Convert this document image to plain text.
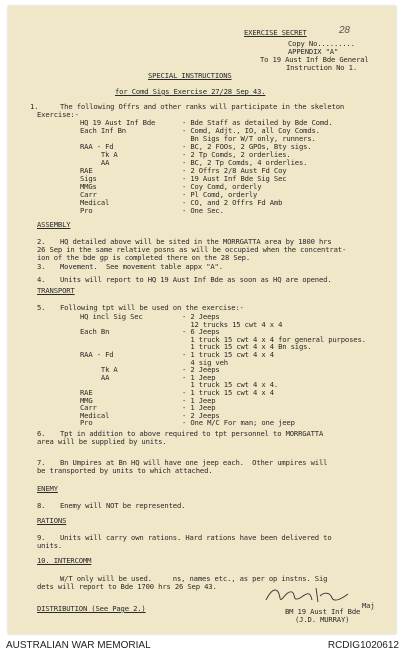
EXERCISE SECRET	28
Copy No.........
APPENDIX "A"
To 19 Aust Inf Bde General
Instruction No 1.
SPECIAL INSTRUCTIONS
for Comd Sigs Exercise 27/28 Sep 43.
1.	The following Offrs and other ranks will participate in the skeleton
Exercise:-
HQ 19 Aust Inf Bde	- Bde Staff as detailed by Bde Comd.
Each Inf Bn	- Comd, Adjt., IO, all Coy Comds.
Bn Sigs for W/T only, runners.
RAA - Fd	- BC, 2 FOOs, 2 GPOs, Bty sigs.
Tk A	- 2 Tp Comds, 2 orderlies.
AA	- BC, 2 Tp Comds, 4 orderlies.
RAE	- 2 Offrs 2/8 Aust Fd Coy
Sigs	- 19 Aust Inf Bde Sig Sec
MMGs	- Coy Comd, orderly
Carr	- Pl Comd, orderly
Medical	- CO, and 2 Offrs Fd Amb
Pro	- One Sec.
ASSEMBLY
2. HQ detailed above will be sited in the MORRGATTA area by 1800 hrs
26 Sep in the same relative posns as will be occupied when the concentrat-
ion of the bde gp is completed there on the 28 Sep.
3. Movement.  See movement table appx "A".
4. Units will report to HQ 19 Aust Inf Bde as soon as HQ are opened.
TRANSPORT
5. Following tpt will be used on the exercise:-
HQ incl Sig Sec	- 2 Jeeps
12 trucks 15 cwt 4 x 4
Each Bn	- 6 Jeeps
1 truck 15 cwt 4 x 4 for general purposes.
1 truck 15 cwt 4 x 4 Bn sigs.
RAA - Fd	- 1 truck 15 cwt 4 x 4
4 sig veh
Tk A	- 2 Jeeps
AA	- 1 Jeep
1 truck 15 cwt 4 x 4.
RAE	- 1 truck 15 cwt 4 x 4
MMG	- 1 Jeep
Carr	- 1 Jeep
Medical	- 2 Jeeps
Pro	- One M/C For man; one jeep
6. Tpt in addition to above required to tpt personnel to MORRGATTA
area will be supplied by units.
7. Bn Umpires at Bn HQ will have one jeep each.  Other umpires will
be transported by units to which attached.
ENEMY
8. Enemy will NOT be represented.
RATIONS
9. Units will carry own rations. Hard rations have been delivered to
units.
10. INTERCOMM
W/T only will be used.     ns, names etc., as per op instns. Sig
dets will report to Bde 1700 hrs 26 Sep 43.
DISTRIBUTION (See Page 2.)	Maj
BM 19 Aust Inf Bde
(J.D. MURRAY)
AUSTRALIAN WAR MEMORIAL	RCDIG1020612
